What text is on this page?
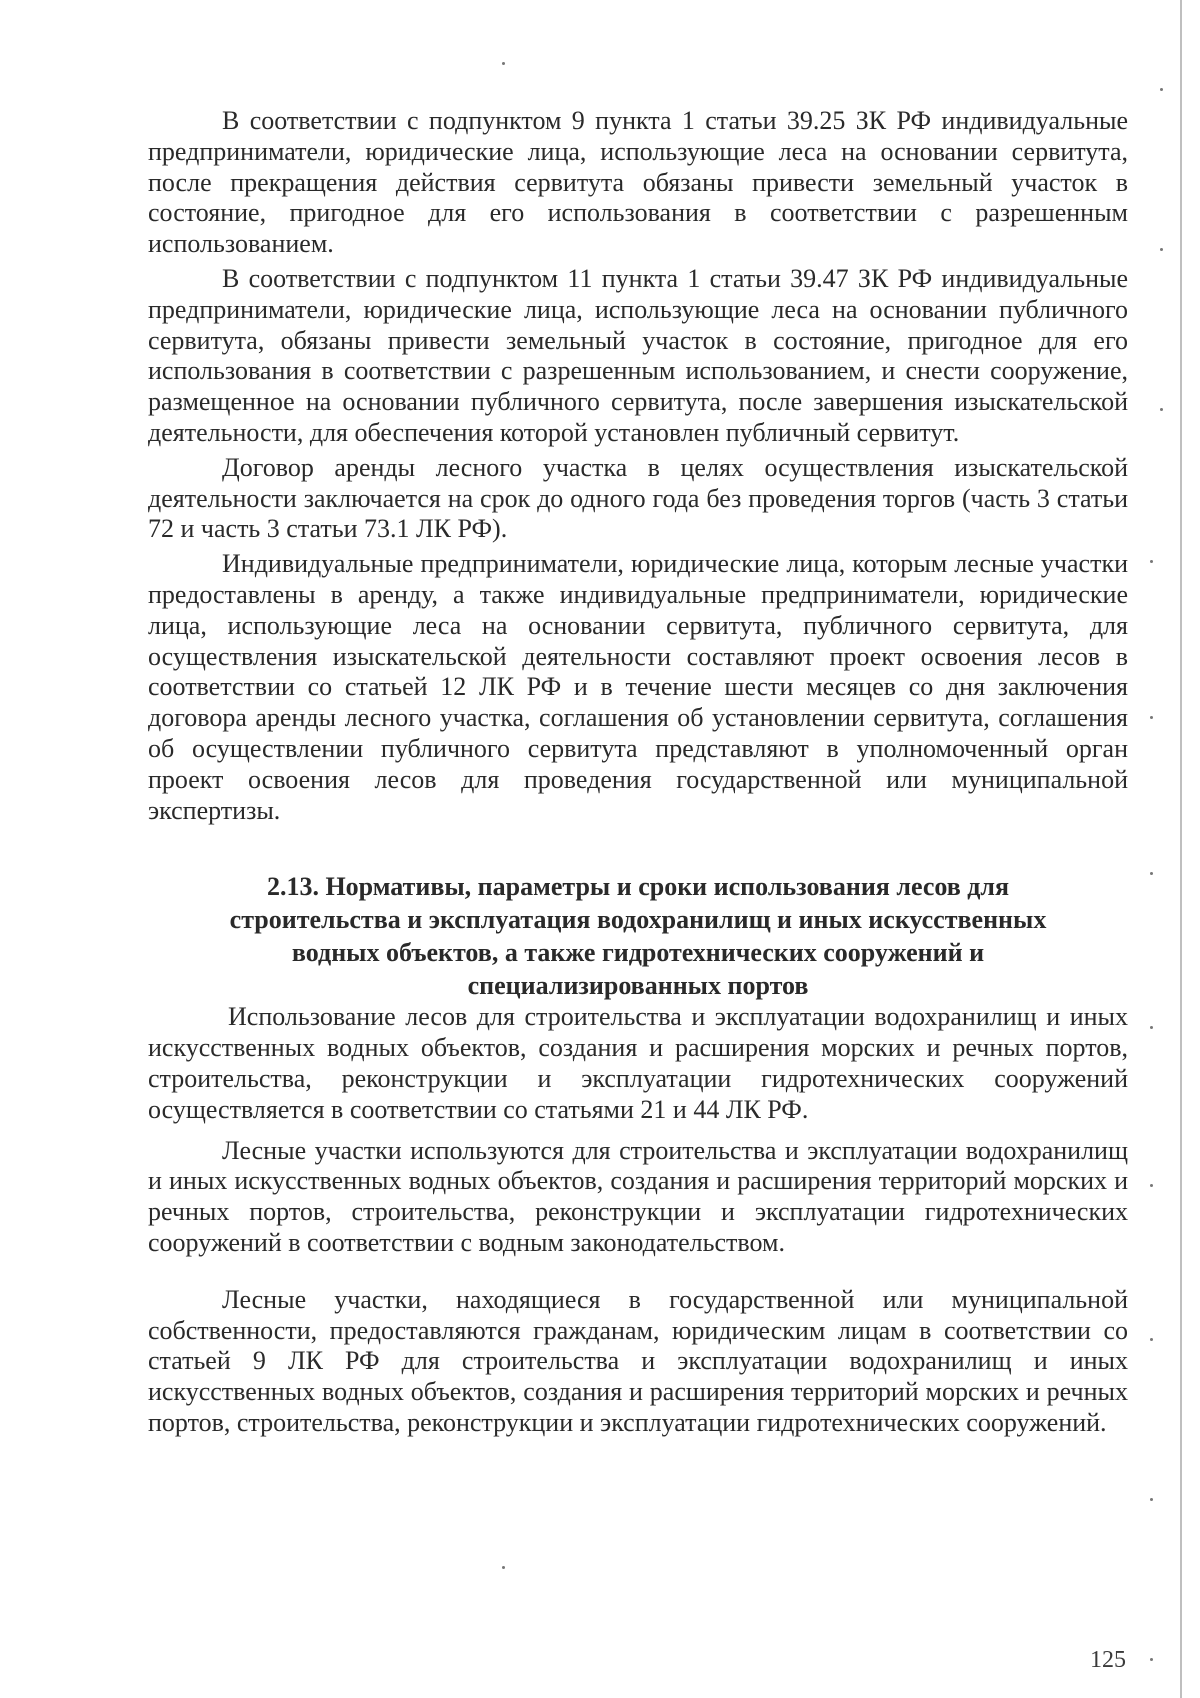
В соответствии с подпунктом 9 пункта 1 статьи 39.25 ЗК РФ индивидуальные предприниматели, юридические лица, использующие леса на основании сервитута, после прекращения действия сервитута обязаны привести земельный участок в состояние, пригодное для его использования в соответствии с разрешенным использованием.

В соответствии с подпунктом 11 пункта 1 статьи 39.47 ЗК РФ индивидуальные предприниматели, юридические лица, использующие леса на основании публичного сервитута, обязаны привести земельный участок в состояние, пригодное для его использования в соответствии с разрешенным использованием, и снести сооружение, размещенное на основании публичного сервитута, после завершения изыскательской деятельности, для обеспечения которой установлен публичный сервитут.

Договор аренды лесного участка в целях осуществления изыскательской деятельности заключается на срок до одного года без проведения торгов (часть 3 статьи 72 и часть 3 статьи 73.1 ЛК РФ).

Индивидуальные предприниматели, юридические лица, которым лесные участки предоставлены в аренду, а также индивидуальные предприниматели, юридические лица, использующие леса на основании сервитута, публичного сервитута, для осуществления изыскательской деятельности составляют проект освоения лесов в соответствии со статьей 12 ЛК РФ и в течение шести месяцев со дня заключения договора аренды лесного участка, соглашения об установлении сервитута, соглашения об осуществлении публичного сервитута представляют в уполномоченный орган проект освоения лесов для проведения государственной или муниципальной экспертизы.

2.13. Нормативы, параметры и сроки использования лесов для
строительства и эксплуатация водохранилищ и иных искусственных
водных объектов, а также гидротехнических сооружений и
специализированных портов

Использование лесов для строительства и эксплуатации водохранилищ и иных искусственных водных объектов, создания и расширения морских и речных портов, строительства, реконструкции и эксплуатации гидротехнических сооружений осуществляется в соответствии со статьями 21 и 44 ЛК РФ.

Лесные участки используются для строительства и эксплуатации водохранилищ и иных искусственных водных объектов, создания и расширения территорий морских и речных портов, строительства, реконструкции и эксплуатации гидротехнических сооружений в соответствии с водным законодательством.

Лесные участки, находящиеся в государственной или муниципальной собственности, предоставляются гражданам, юридическим лицам в соответствии со статьей 9 ЛК РФ для строительства и эксплуатации водохранилищ и иных искусственных водных объектов, создания и расширения территорий морских и речных портов, строительства, реконструкции и эксплуатации гидротехнических сооружений.

125
